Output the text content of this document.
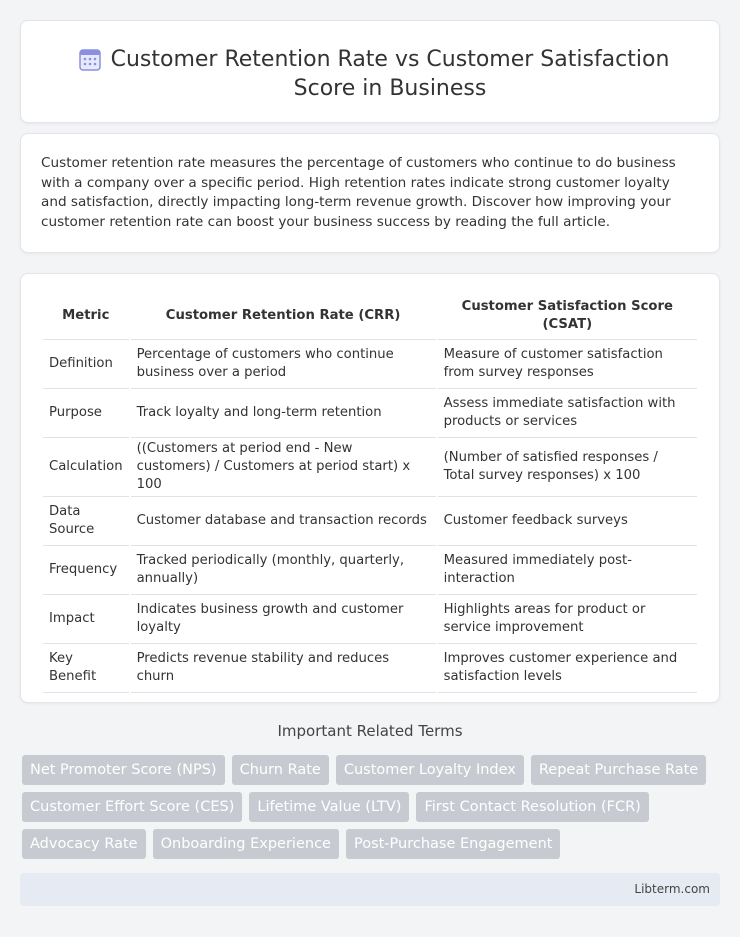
Customer Retention Rate vs Customer Satisfaction Score in Business

Customer retention rate measures the percentage of customers who continue to do business with a company over a specific period. High retention rates indicate strong customer loyalty and satisfaction, directly impacting long-term revenue growth. Discover how improving your customer retention rate can boost your business success by reading the full article.

Metric	Customer Retention Rate (CRR)	Customer Satisfaction Score (CSAT)
Definition	Percentage of customers who continue business over a period	Measure of customer satisfaction from survey responses
Purpose	Track loyalty and long-term retention	Assess immediate satisfaction with products or services
Calculation	((Customers at period end - New customers) / Customers at period start) x 100	(Number of satisfied responses / Total survey responses) x 100
Data Source	Customer database and transaction records	Customer feedback surveys
Frequency	Tracked periodically (monthly, quarterly, annually)	Measured immediately post-interaction
Impact	Indicates business growth and customer loyalty	Highlights areas for product or service improvement
Key Benefit	Predicts revenue stability and reduces churn	Improves customer experience and satisfaction levels
Important Related Terms
Net Promoter Score (NPS)	Churn Rate	Customer Loyalty Index	Repeat Purchase Rate
Customer Effort Score (CES)	Lifetime Value (LTV)	First Contact Resolution (FCR)
Advocacy Rate	Onboarding Experience	Post-Purchase Engagement
Libterm.com
